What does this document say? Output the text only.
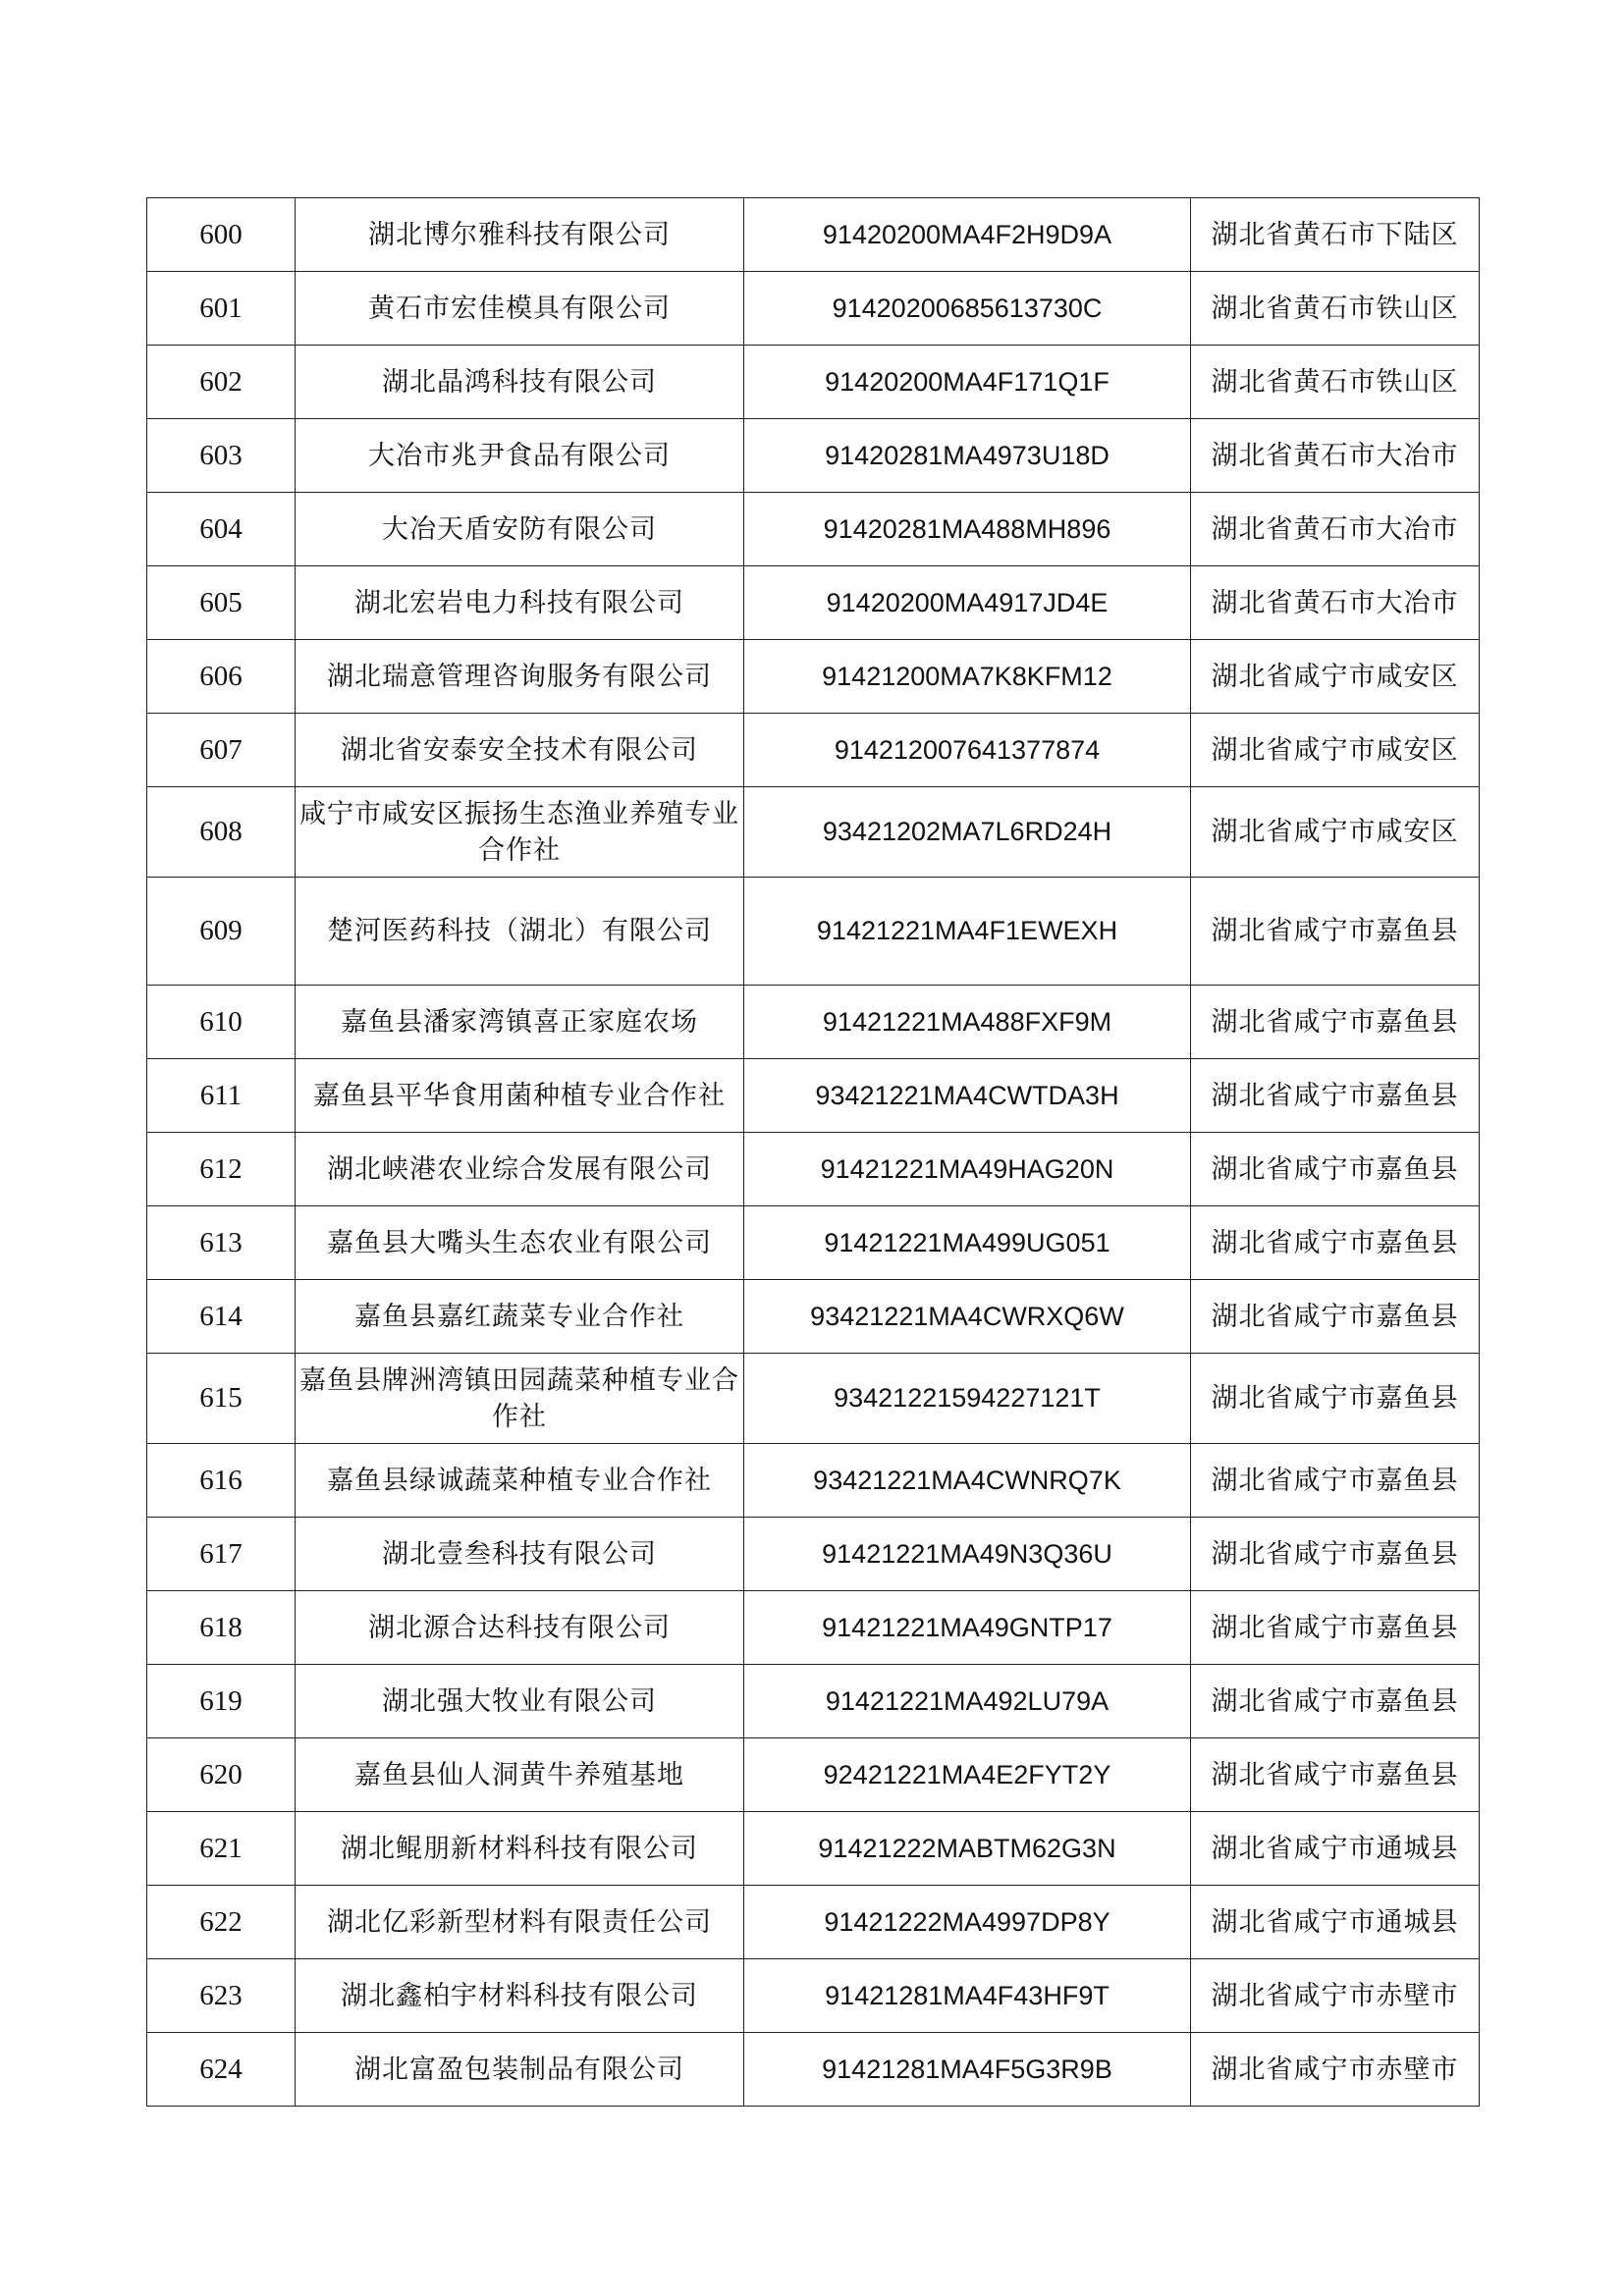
600	湖北博尔雅科技有限公司	91420200MA4F2H9D9A	湖北省黄石市下陆区
601	黄石市宏佳模具有限公司	91420200685613730C	湖北省黄石市铁山区
602	湖北晶鸿科技有限公司	91420200MA4F171Q1F	湖北省黄石市铁山区
603	大冶市兆尹食品有限公司	91420281MA4973U18D	湖北省黄石市大冶市
604	大冶天盾安防有限公司	91420281MA488MH896	湖北省黄石市大冶市
605	湖北宏岩电力科技有限公司	91420200MA4917JD4E	湖北省黄石市大冶市
606	湖北瑞意管理咨询服务有限公司	91421200MA7K8KFM12	湖北省咸宁市咸安区
607	湖北省安泰安全技术有限公司	914212007641377874	湖北省咸宁市咸安区
608	咸宁市咸安区振扬生态渔业养殖专业合作社	93421202MA7L6RD24H	湖北省咸宁市咸安区
609	楚河医药科技（湖北）有限公司	91421221MA4F1EWEXH	湖北省咸宁市嘉鱼县
610	嘉鱼县潘家湾镇喜正家庭农场	91421221MA488FXF9M	湖北省咸宁市嘉鱼县
611	嘉鱼县平华食用菌种植专业合作社	93421221MA4CWTDA3H	湖北省咸宁市嘉鱼县
612	湖北峡港农业综合发展有限公司	91421221MA49HAG20N	湖北省咸宁市嘉鱼县
613	嘉鱼县大嘴头生态农业有限公司	91421221MA499UG051	湖北省咸宁市嘉鱼县
614	嘉鱼县嘉红蔬菜专业合作社	93421221MA4CWRXQ6W	湖北省咸宁市嘉鱼县
615	嘉鱼县牌洲湾镇田园蔬菜种植专业合作社	93421221594227121T	湖北省咸宁市嘉鱼县
616	嘉鱼县绿诚蔬菜种植专业合作社	93421221MA4CWNRQ7K	湖北省咸宁市嘉鱼县
617	湖北壹叁科技有限公司	91421221MA49N3Q36U	湖北省咸宁市嘉鱼县
618	湖北源合达科技有限公司	91421221MA49GNTP17	湖北省咸宁市嘉鱼县
619	湖北强大牧业有限公司	91421221MA492LU79A	湖北省咸宁市嘉鱼县
620	嘉鱼县仙人洞黄牛养殖基地	92421221MA4E2FYT2Y	湖北省咸宁市嘉鱼县
621	湖北鲲朋新材料科技有限公司	91421222MABTM62G3N	湖北省咸宁市通城县
622	湖北亿彩新型材料有限责任公司	91421222MA4997DP8Y	湖北省咸宁市通城县
623	湖北鑫柏宇材料科技有限公司	91421281MA4F43HF9T	湖北省咸宁市赤壁市
624	湖北富盈包装制品有限公司	91421281MA4F5G3R9B	湖北省咸宁市赤壁市
